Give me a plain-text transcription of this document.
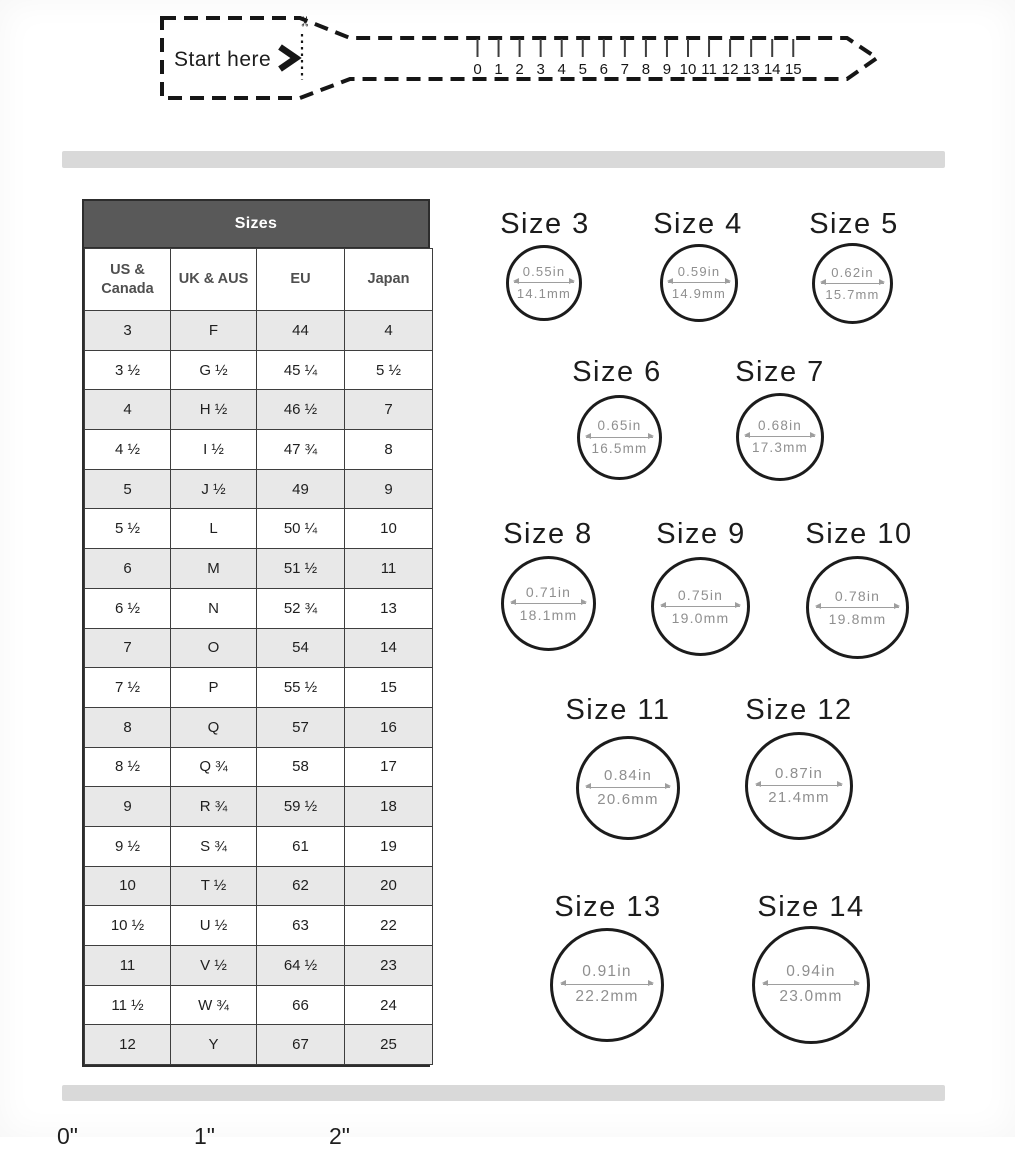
Start here
✂
0 1 2 3 4 5 6 7 8 9 10 11 12 13 14 15
Sizes
US & Canada	UK & AUS	EU	Japan
3	F	44	4
3 ½	G ½	45 ¼	5 ½
4	H ½	46 ½	7
4 ½	I ½	47 ¾	8
5	J ½	49	9
5 ½	L	50 ¼	10
6	M	51 ½	11
6 ½	N	52 ¾	13
7	O	54	14
7 ½	P	55 ½	15
8	Q	57	16
8 ½	Q ¾	58	17
9	R ¾	59 ½	18
9 ½	S ¾	61	19
10	T ½	62	20
10 ½	U ½	63	22
11	V ½	64 ½	23
11 ½	W ¾	66	24
12	Y	67	25
Size 3
0.55in
14.1mm
Size 4
0.59in
14.9mm
Size 5
0.62in
15.7mm
Size 6
0.65in
16.5mm
Size 7
0.68in
17.3mm
Size 8
0.71in
18.1mm
Size 9
0.75in
19.0mm
Size 10
0.78in
19.8mm
Size 11
0.84in
20.6mm
Size 12
0.87in
21.4mm
Size 13
0.91in
22.2mm
Size 14
0.94in
23.0mm
0"	1"	2"
